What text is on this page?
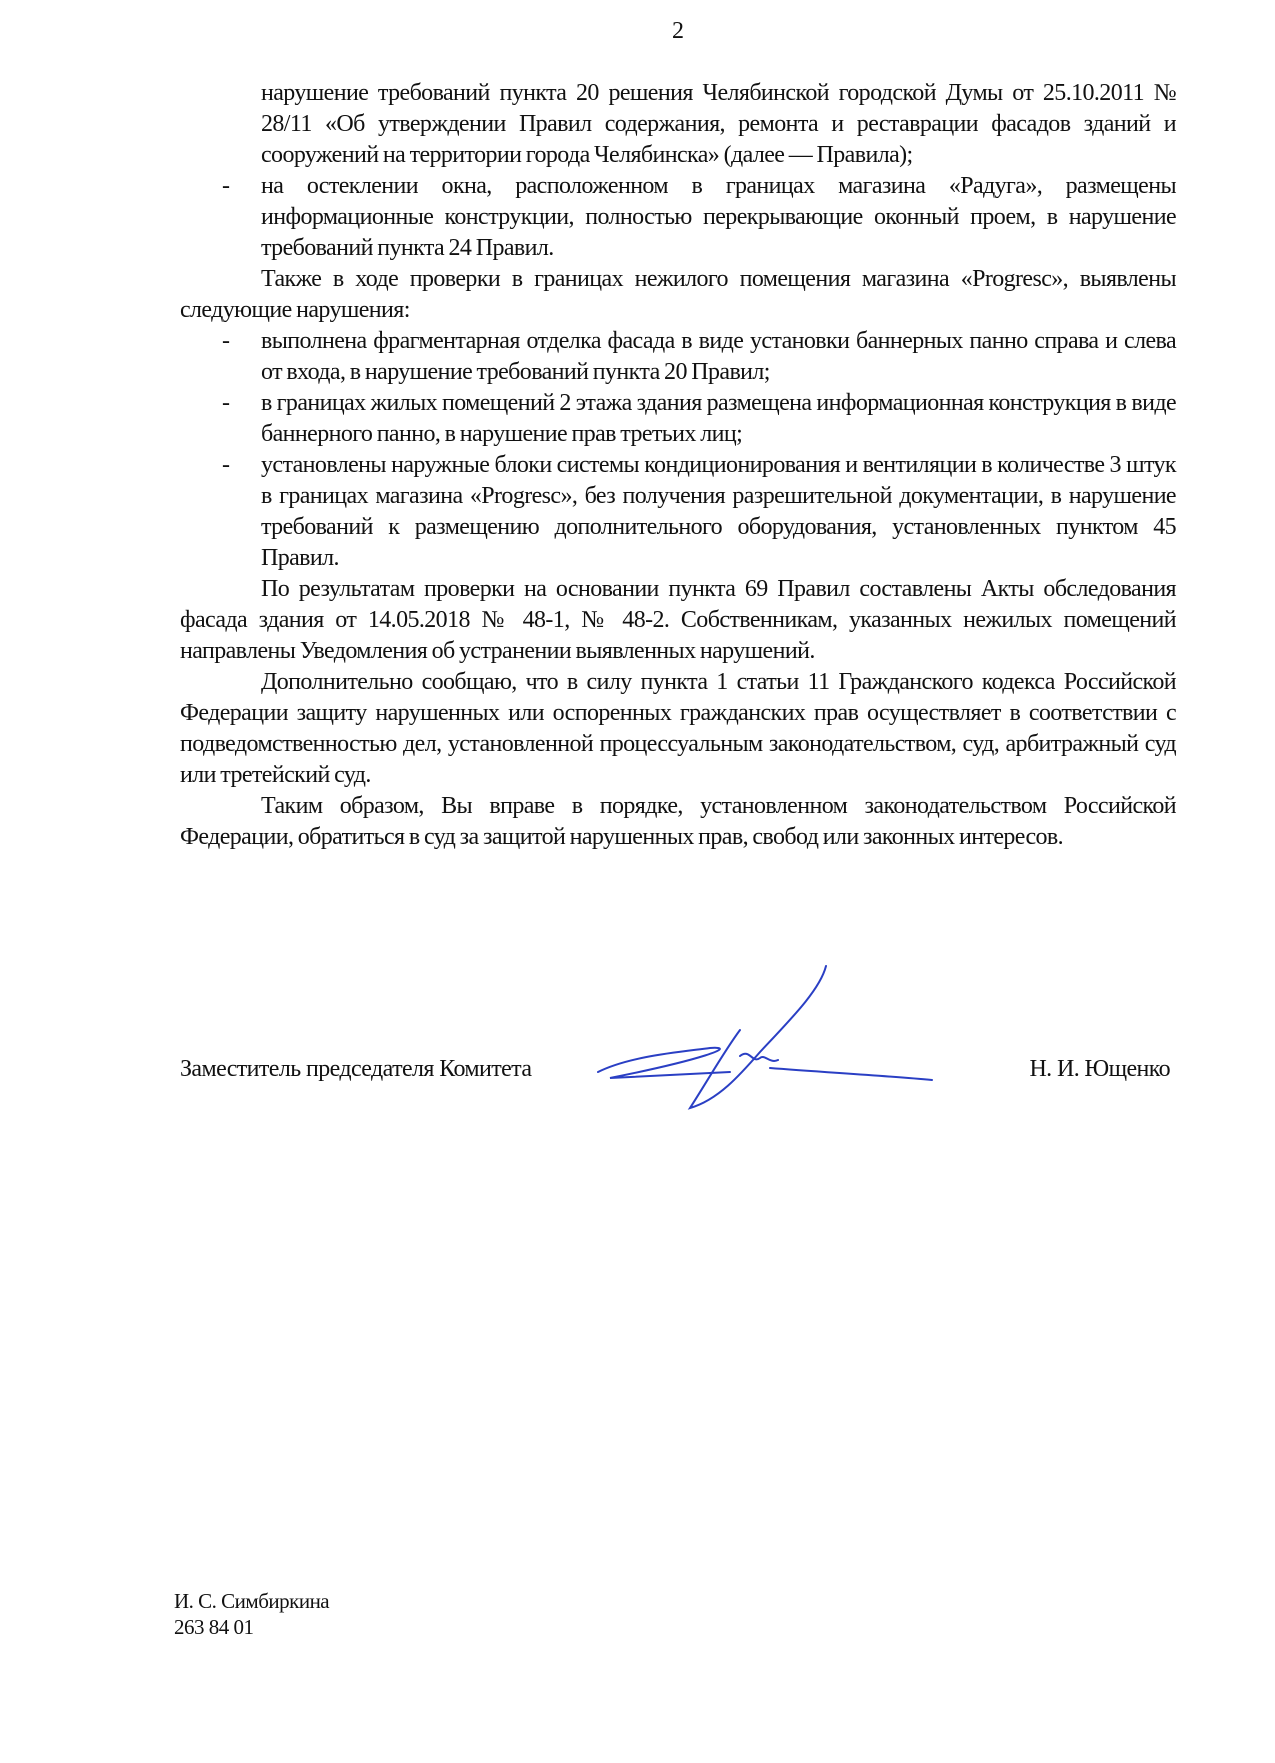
2

нарушение требований пункта 20 решения Челябинской городской Думы от 25.10.2011 № 28/11 «Об утверждении Правил содержания, ремонта и реставрации фасадов зданий и сооружений на территории города Челябинска» (далее — Правила);

- на остеклении окна, расположенном в границах магазина «Радуга», размещены информационные конструкции, полностью перекрывающие оконный проем, в нарушение требований пункта 24 Правил.

Также в ходе проверки в границах нежилого помещения магазина «Progresс», выявлены следующие нарушения:

- выполнена фрагментарная отделка фасада в виде установки баннерных панно справа и слева от входа, в нарушение требований пункта 20 Правил;

- в границах жилых помещений 2 этажа здания размещена информационная конструкция в виде баннерного панно, в нарушение прав третьих лиц;

- установлены наружные блоки системы кондиционирования и вентиляции в количестве 3 штук в границах магазина «Progresс», без получения разрешительной документации, в нарушение требований к размещению дополнительного оборудования, установленных пунктом 45 Правил.

По результатам проверки на основании пункта 69 Правил составлены Акты обследования фасада здания от 14.05.2018 № 48-1, № 48-2. Собственникам, указанных нежилых помещений направлены Уведомления об устранении выявленных нарушений.

Дополнительно сообщаю, что в силу пункта 1 статьи 11 Гражданского кодекса Российской Федерации защиту нарушенных или оспоренных гражданских прав осуществляет в соответствии с подведомственностью дел, установленной процессуальным законодательством, суд, арбитражный суд или третейский суд.

Таким образом, Вы вправе в порядке, установленном законодательством Российской Федерации, обратиться в суд за защитой нарушенных прав, свобод или законных интересов.

Заместитель председателя Комитета	Н. И. Ющенко
И. С. Симбиркина
263 84 01
